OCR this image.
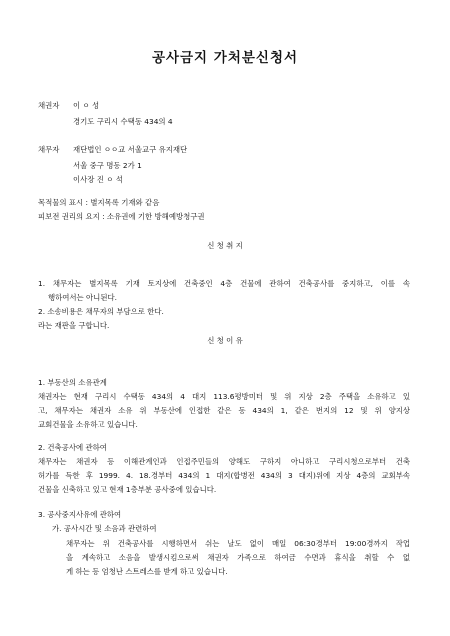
공사금지 가처분신청서
채권자 이 ㅇ 성
경기도 구리시 수택동 434의 4
채무자 재단법인 ㅇㅇ교 서울교구 유지재단
서울 중구 명동 2가 1
이사장 진 ㅇ 석
목적물의 표시 : 별지목록 기재와 같음
피보전 권리의 요지 : 소유권에 기한 방해예방청구권
신 청 취 지
1. 채무자는 별지목록 기재 토지상에 건축중인 4층 건물에 관하여 건축공사를 중지하고, 이를 속
행하여서는 아니된다.
2. 소송비용은 채무자의 부담으로 한다.
라는 재판을 구합니다.
신 청 이 유
1. 부동산의 소유관계
채권자는 현재 구리시 수택동 434의 4 대지 113.6평방미터 및 위 지상 2층 주택을 소유하고 있
고, 채무자는 채권자 소유 위 부동산에 인접한 같은 동 434의 1, 같은 번지의 12 및 위 양지상
교회건물을 소유하고 있습니다.
2. 건축공사에 관하여
채무자는 채권자 등 이해관계인과 인접주민들의 양해도 구하지 아니하고 구리시청으로부터 건축
허가를 득한 후 1999. 4. 18.경부터 434의 1 대지(합병전 434의 3 대지)위에 지상 4층의 교회부속
건물을 신축하고 있고 현재 1층부분 공사중에 있습니다.
3. 공사중지사유에 관하여
가. 공사시간 및 소음과 관련하여
채무자는 위 건축공사를 시행하면서 쉬는 날도 없이 매일 06:30경부터 19:00경까지 작업
을 계속하고 소음을 발생시킴으로써 채권자 가족으로 하여금 수면과 휴식을 취할 수 없
게 하는 등 엄청난 스트레스를 받게 하고 있습니다.
